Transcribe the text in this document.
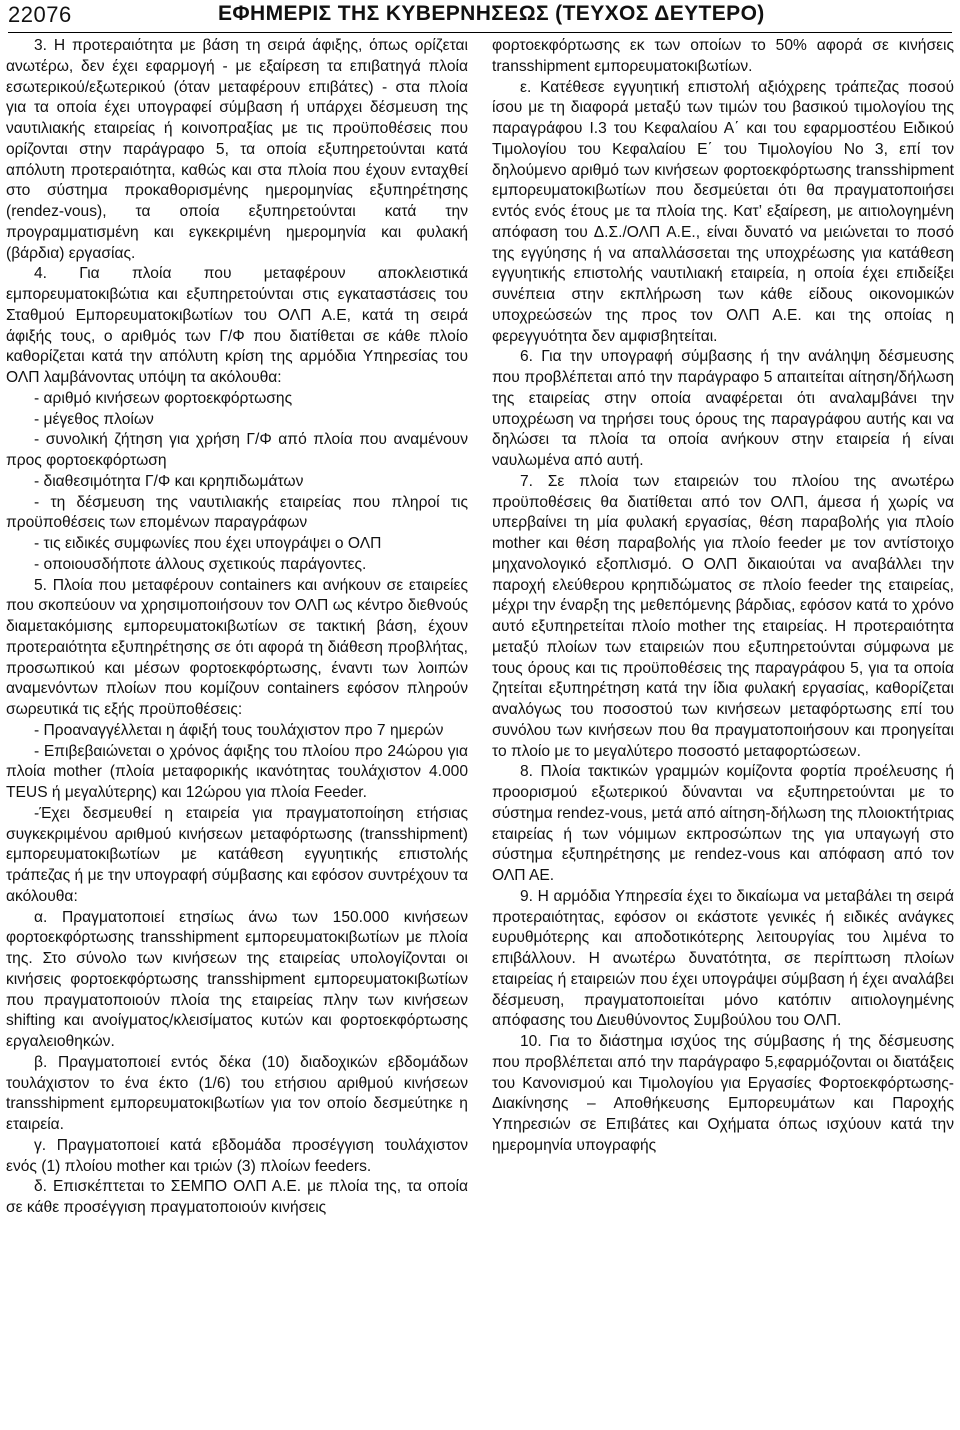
22076	ΕΦΗΜΕΡΙΣ ΤΗΣ ΚΥΒΕΡΝΗΣΕΩΣ (ΤΕΥΧΟΣ ΔΕΥΤΕΡΟ)

3. Η προτεραιότητα με βάση τη σειρά άφιξης, όπως ορίζεται ανωτέρω, δεν έχει εφαρμογή - με εξαίρεση τα επιβατηγά πλοία εσωτερικού/εξωτερικού (όταν μεταφέρουν επιβάτες) - στα πλοία για τα οποία έχει υπογραφεί σύμβαση ή υπάρχει δέσμευση της ναυτιλιακής εταιρείας ή κοινοπραξίας με τις προϋποθέσεις που ορίζονται στην παράγραφο 5, τα οποία εξυπηρετούνται κατά απόλυτη προτεραιότητα, καθώς και στα πλοία που έχουν ενταχθεί στο σύστημα προκαθορισμένης ημερομηνίας εξυπηρέτησης (rendez-vous), τα οποία εξυπηρετούνται κατά την προγραμματισμένη και εγκεκριμένη ημερομηνία και φυλακή (βάρδια) εργασίας.

4. Για πλοία που μεταφέρουν αποκλειστικά εμπορευματοκιβώτια και εξυπηρετούνται στις εγκαταστάσεις του Σταθμού Εμπορευματοκιβωτίων του ΟΛΠ Α.Ε, κατά τη σειρά άφιξής τους, ο αριθμός των Γ/Φ που διατίθεται σε κάθε πλοίο καθορίζεται κατά την απόλυτη κρίση της αρμόδια Υπηρεσίας του ΟΛΠ λαμβάνοντας υπόψη τα ακόλουθα:

- αριθμό κινήσεων φορτοεκφόρτωσης

- μέγεθος πλοίων

- συνολική ζήτηση για χρήση Γ/Φ από πλοία που αναμένουν προς φορτοεκφόρτωση

- διαθεσιμότητα Γ/Φ και κρηπιδωμάτων

- τη δέσμευση της ναυτιλιακής εταιρείας που πληροί τις προϋποθέσεις των επομένων παραγράφων

- τις ειδικές συμφωνίες που έχει υπογράψει ο ΟΛΠ

- οποιουσδήποτε άλλους σχετικούς παράγοντες.

5. Πλοία που μεταφέρουν containers και ανήκουν σε εταιρείες που σκοπεύουν να χρησιμοποιήσουν τον ΟΛΠ ως κέντρο διεθνούς διαμετακόμισης εμπορευματοκιβωτίων σε τακτική βάση, έχουν προτεραιότητα εξυπηρέτησης σε ότι αφορά τη διάθεση προβλήτας, προσωπικού και μέσων φορτοεκφόρτωσης, έναντι των λοιπών αναμενόντων πλοίων που κομίζουν containers εφόσον πληρούν σωρευτικά τις εξής προϋποθέσεις:

- Προαναγγέλλεται η άφιξή τους τουλάχιστον προ 7 ημερών

- Επιβεβαιώνεται ο χρόνος άφιξης του πλοίου προ 24ώρου για πλοία mother (πλοία μεταφορικής ικανότητας τουλάχιστον 4.000 TEUS ή μεγαλύτερης) και 12ώρου για πλοία Feeder.

-Έχει δεσμευθεί η εταιρεία για πραγματοποίηση ετήσιας συγκεκριμένου αριθμού κινήσεων μεταφόρτωσης (transshipment) εμπορευματοκιβωτίων με κατάθεση εγγυητικής επιστολής τράπεζας ή με την υπογραφή σύμβασης και εφόσον συντρέχουν τα ακόλουθα:

α. Πραγματοποιεί ετησίως άνω των 150.000 κινήσεων φορτοεκφόρτωσης transshipment εμπορευματοκιβωτίων με πλοία της. Στο σύνολο των κινήσεων της εταιρείας υπολογίζονται οι κινήσεις φορτοεκφόρτωσης transshipment εμπορευματοκιβωτίων που πραγματοποιούν πλοία της εταιρείας πλην των κινήσεων shifting και ανοίγματος/κλεισίματος κυτών και φορτοεκφόρτωσης εργαλειοθηκών.

β. Πραγματοποιεί εντός δέκα (10) διαδοχικών εβδομάδων τουλάχιστον το ένα έκτο (1/6) του ετήσιου αριθμού κινήσεων transshipment εμπορευματοκιβωτίων για τον οποίο δεσμεύτηκε η εταιρεία.

γ. Πραγματοποιεί κατά εβδομάδα προσέγγιση τουλάχιστον ενός (1) πλοίου mother και τριών (3) πλοίων feeders.

δ. Επισκέπτεται το ΣΕΜΠΟ ΟΛΠ Α.Ε. με πλοία της, τα οποία σε κάθε προσέγγιση πραγματοποιούν κινήσεις

φορτοεκφόρτωσης εκ των οποίων το 50% αφορά σε κινήσεις transshipment εμπορευματοκιβωτίων.

ε. Κατέθεσε εγγυητική επιστολή αξιόχρεης τράπεζας ποσού ίσου με τη διαφορά μεταξύ των τιμών του βασικού τιμολογίου της παραγράφου Ι.3 του Κεφαλαίου Α΄ και του εφαρμοστέου Ειδικού Τιμολογίου του Κεφαλαίου Ε΄ του Τιμολογίου Νο 3, επί τον δηλούμενο αριθμό των κινήσεων φορτοεκφόρτωσης transshipment εμπορευματοκιβωτίων που δεσμεύεται ότι θα πραγματοποιήσει εντός ενός έτους με τα πλοία της. Κατ’ εξαίρεση, με αιτιολογημένη απόφαση του Δ.Σ./ΟΛΠ Α.Ε., είναι δυνατό να μειώνεται το ποσό της εγγύησης ή να απαλλάσσεται της υποχρέωσης για κατάθεση εγγυητικής επιστολής ναυτιλιακή εταιρεία, η οποία έχει επιδείξει συνέπεια στην εκπλήρωση των κάθε είδους οικονομικών υποχρεώσεών της προς τον ΟΛΠ Α.Ε. και της οποίας η φερεγγυότητα δεν αμφισβητείται.

6. Για την υπογραφή σύμβασης ή την ανάληψη δέσμευσης που προβλέπεται από την παράγραφο 5 απαιτείται αίτηση/δήλωση της εταιρείας στην οποία αναφέρεται ότι αναλαμβάνει την υποχρέωση να τηρήσει τους όρους της παραγράφου αυτής και να δηλώσει τα πλοία τα οποία ανήκουν στην εταιρεία ή είναι ναυλωμένα από αυτή.

7. Σε πλοία των εταιρειών του πλοίου της ανωτέρω προϋποθέσεις θα διατίθεται από τον ΟΛΠ, άμεσα ή χωρίς να υπερβαίνει τη μία φυλακή εργασίας, θέση παραβολής για πλοίο mother και θέση παραβολής για πλοίο feeder με τον αντίστοιχο μηχανολογικό εξοπλισμό. Ο ΟΛΠ δικαιούται να αναβάλλει την παροχή ελεύθερου κρηπιδώματος σε πλοίο feeder της εταιρείας, μέχρι την έναρξη της μεθεπόμενης βάρδιας, εφόσον κατά το χρόνο αυτό εξυπηρετείται πλοίο mother της εταιρείας. Η προτεραιότητα μεταξύ πλοίων των εταιρειών που εξυπηρετούνται σύμφωνα με τους όρους και τις προϋποθέσεις της παραγράφου 5, για τα οποία ζητείται εξυπηρέτηση κατά την ίδια φυλακή εργασίας, καθορίζεται αναλόγως του ποσοστού των κινήσεων μεταφόρτωσης επί του συνόλου των κινήσεων που θα πραγματοποιήσουν και προηγείται το πλοίο με το μεγαλύτερο ποσοστό μεταφορτώσεων.

8. Πλοία τακτικών γραμμών κομίζοντα φορτία προέλευσης ή προορισμού εξωτερικού δύνανται να εξυπηρετούνται με το σύστημα rendez-vous, μετά από αίτηση-δήλωση της πλοιοκτήτριας εταιρείας ή των νόμιμων εκπροσώπων της για υπαγωγή στο σύστημα εξυπηρέτησης με rendez-vous και απόφαση από τον ΟΛΠ ΑΕ.

9. Η αρμόδια Υπηρεσία έχει το δικαίωμα να μεταβάλει τη σειρά προτεραιότητας, εφόσον οι εκάστοτε γενικές ή ειδικές ανάγκες ευρυθμότερης και αποδοτικότερης λειτουργίας του λιμένα το επιβάλλουν. Η ανωτέρω δυνατότητα, σε περίπτωση πλοίων εταιρείας ή εταιρειών που έχει υπογράψει σύμβαση ή έχει αναλάβει δέσμευση, πραγματοποιείται μόνο κατόπιν αιτιολογημένης απόφασης του Διευθύνοντος Συμβούλου του ΟΛΠ.

10. Για το διάστημα ισχύος της σύμβασης ή της δέσμευσης που προβλέπεται από την παράγραφο 5,εφαρμόζονται οι διατάξεις του Κανονισμού και Τιμολογίου για Εργασίες Φορτοεκφόρτωσης-Διακίνησης – Αποθήκευσης Εμπορευμάτων και Παροχής Υπηρεσιών σε Επιβάτες και Οχήματα όπως ισχύουν κατά την ημερομηνία υπογραφής
